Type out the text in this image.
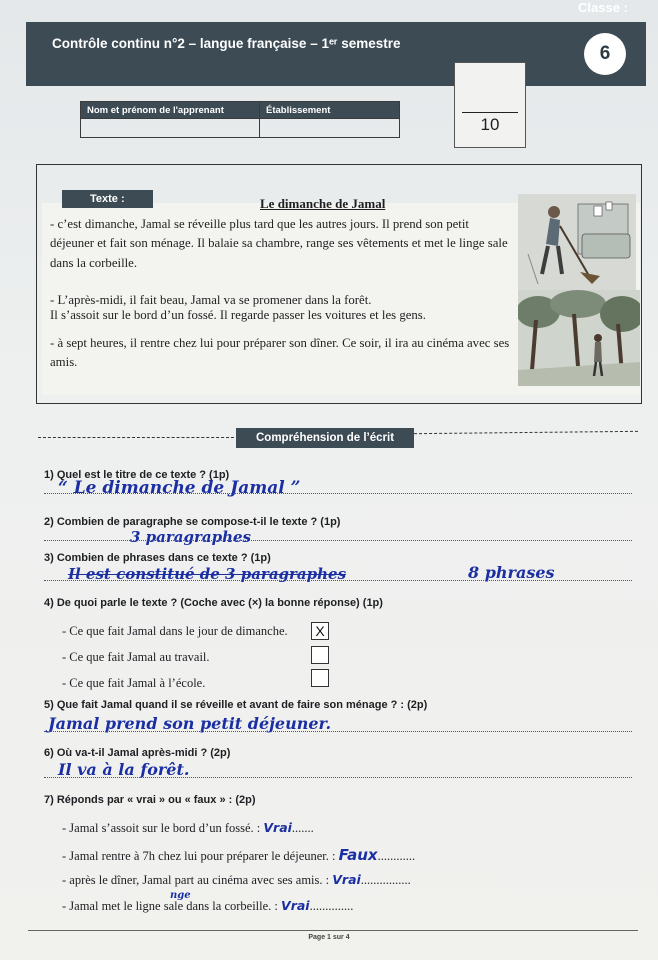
Classe :
Contrôle continu n°2 – langue française – 1ᵉʳ semestre	6
Nom et prénom de l'apprenant	Établissement

10
Texte :	Le dimanche de Jamal
- c’est dimanche, Jamal se réveille plus tard que les autres jours. Il prend son petit déjeuner et fait son ménage. Il balaie sa chambre, range ses vêtements et met le linge sale dans la corbeille.
- L’après-midi, il fait beau, Jamal va se promener dans la forêt.
Il s’assoit sur le bord d’un fossé. Il regarde passer les voitures et les gens.
- à sept heures, il rentre chez lui pour préparer son dîner. Ce soir, il ira au cinéma avec ses amis.
Compréhension de l’écrit
1) Quel est le titre de ce texte ? (1p)
“ Le dimanche de Jamal ”
2) Combien de paragraphe se compose-t-il le texte ? (1p)
3 paragraphes
3) Combien de phrases dans ce texte ? (1p)
Il est constitué de 3 paragraphes	8 phrases
4) De quoi parle le texte ? (Coche avec (×) la bonne réponse) (1p)
- Ce que fait Jamal dans le jour de dimanche.	X
- Ce que fait Jamal au travail.
- Ce que fait Jamal à l’école.
5) Que fait Jamal quand il se réveille et avant de faire son ménage ? : (2p)
Jamal prend son petit déjeuner.
6) Où va-t-il Jamal après-midi ? (2p)
Il va à la forêt.
7) Réponds par « vrai » ou « faux » : (2p)
- Jamal s’assoit sur le bord d’un fossé. : Vrai.......
- Jamal rentre à 7h chez lui pour préparer le déjeuner. : Faux............
- après le dîner, Jamal part au cinéma avec ses amis. : Vrai................
- Jamal met le ligne sale dans la corbeille. : Vrai..............
nge
Page 1 sur 4
